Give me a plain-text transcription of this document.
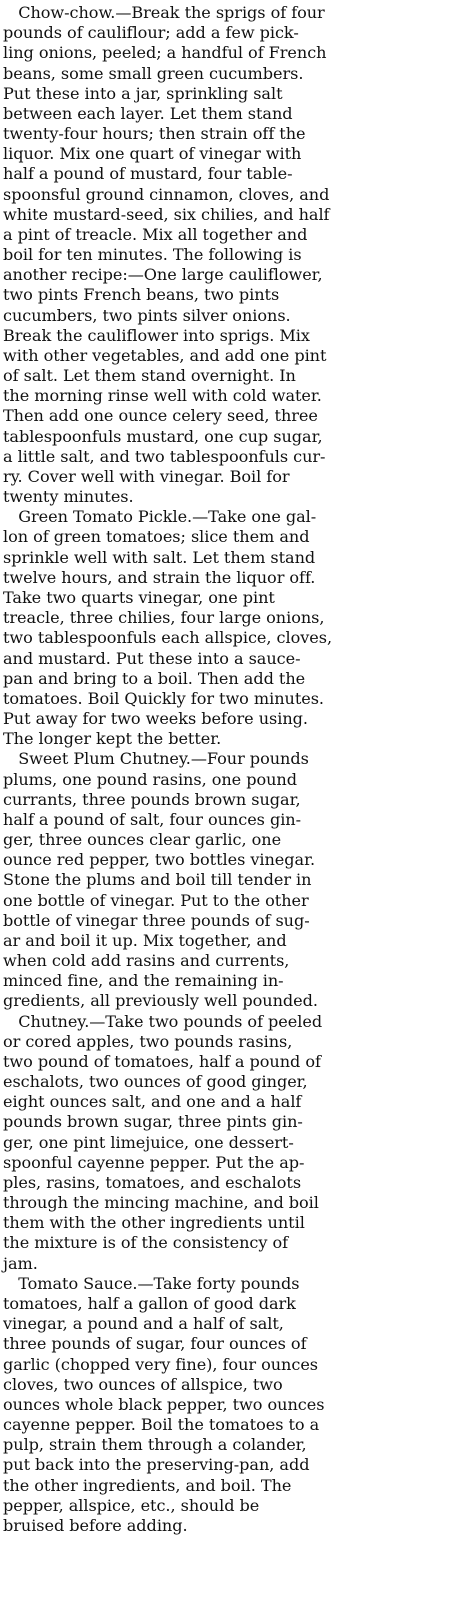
Chow-chow.—Break the sprigs of four
pounds of cauliflour; add a few pick-
ling onions, peeled; a handful of French
beans, some small green cucumbers.
Put these into a jar, sprinkling salt
between each layer. Let them stand
twenty-four hours; then strain off the
liquor. Mix one quart of vinegar with
half a pound of mustard, four table-
spoonsful ground cinnamon, cloves, and
white mustard-seed, six chilies, and half
a pint of treacle. Mix all together and
boil for ten minutes. The following is
another recipe:—One large cauliflower,
two pints French beans, two pints
cucumbers, two pints silver onions.
Break the cauliflower into sprigs. Mix
with other vegetables, and add one pint
of salt. Let them stand overnight. In
the morning rinse well with cold water.
Then add one ounce celery seed, three
tablespoonfuls mustard, one cup sugar,
a little salt, and two tablespoonfuls cur-
ry. Cover well with vinegar. Boil for
twenty minutes.
Green Tomato Pickle.—Take one gal-
lon of green tomatoes; slice them and
sprinkle well with salt. Let them stand
twelve hours, and strain the liquor off.
Take two quarts vinegar, one pint
treacle, three chilies, four large onions,
two tablespoonfuls each allspice, cloves,
and mustard. Put these into a sauce-
pan and bring to a boil. Then add the
tomatoes. Boil Quickly for two minutes.
Put away for two weeks before using.
The longer kept the better.
Sweet Plum Chutney.—Four pounds
plums, one pound rasins, one pound
currants, three pounds brown sugar,
half a pound of salt, four ounces gin-
ger, three ounces clear garlic, one
ounce red pepper, two bottles vinegar.
Stone the plums and boil till tender in
one bottle of vinegar. Put to the other
bottle of vinegar three pounds of sug-
ar and boil it up. Mix together, and
when cold add rasins and currents,
minced fine, and the remaining in-
gredients, all previously well pounded.
Chutney.—Take two pounds of peeled
or cored apples, two pounds rasins,
two pound of tomatoes, half a pound of
eschalots, two ounces of good ginger,
eight ounces salt, and one and a half
pounds brown sugar, three pints gin-
ger, one pint limejuice, one dessert-
spoonful cayenne pepper. Put the ap-
ples, rasins, tomatoes, and eschalots
through the mincing machine, and boil
them with the other ingredients until
the mixture is of the consistency of
jam.
Tomato Sauce.—Take forty pounds
tomatoes, half a gallon of good dark
vinegar, a pound and a half of salt,
three pounds of sugar, four ounces of
garlic (chopped very fine), four ounces
cloves, two ounces of allspice, two
ounces whole black pepper, two ounces
cayenne pepper. Boil the tomatoes to a
pulp, strain them through a colander,
put back into the preserving-pan, add
the other ingredients, and boil. The
pepper, allspice, etc., should be
bruised before adding.
